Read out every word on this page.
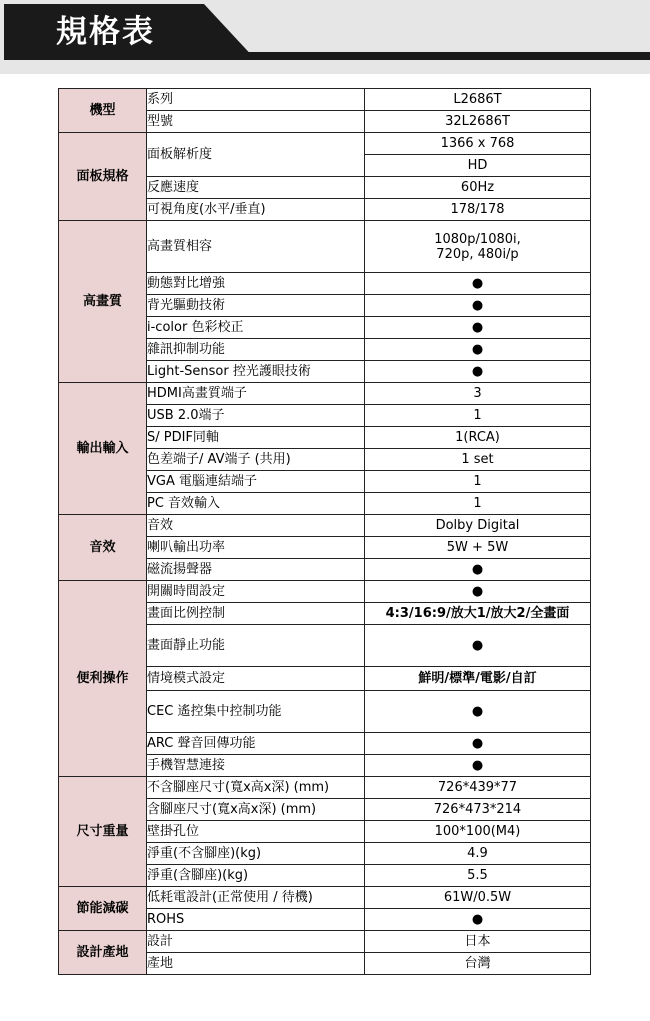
規格表
機型	系列	L2686T
	型號	32L2686T
面板規格	面板解析度	1366 x 768
		HD
	反應速度	60Hz
	可視角度(水平/垂直)	178/178
高畫質	高畫質相容	1080p/1080i,
720p, 480i/p

	動態對比增強	●
	背光驅動技術	●
	i-color 色彩校正	●
	雜訊抑制功能	●
	Light-Sensor 控光護眼技術	●
輸出輸入	HDMI高畫質端子	3
	USB 2.0端子	1
	S/ PDIF同軸	1(RCA)
	色差端子/ AV端子 (共用)	1 set
	VGA 電腦連結端子	1
	PC 音效輸入	1
音效	音效	Dolby Digital
	喇叭輸出功率	5W + 5W
	磁流揚聲器	●
便利操作	開關時間設定	●
	畫面比例控制	4:3/16:9/放大1/放大2/全畫面
	畫面靜止功能	●
	情境模式設定	鮮明/標準/電影/自訂
	CEC 遙控集中控制功能	●
	ARC 聲音回傳功能	●
	手機智慧連接	●
尺寸重量	不含腳座尺寸(寬x高x深) (mm)	726*439*77
	含腳座尺寸(寬x高x深) (mm)	726*473*214
	壁掛孔位	100*100(M4)
	淨重(不含腳座)(kg)	4.9
	淨重(含腳座)(kg)	5.5
節能減碳	低耗電設計(正常使用 / 待機)	61W/0.5W
	ROHS	●
設計產地	設計	日本
	產地	台灣
